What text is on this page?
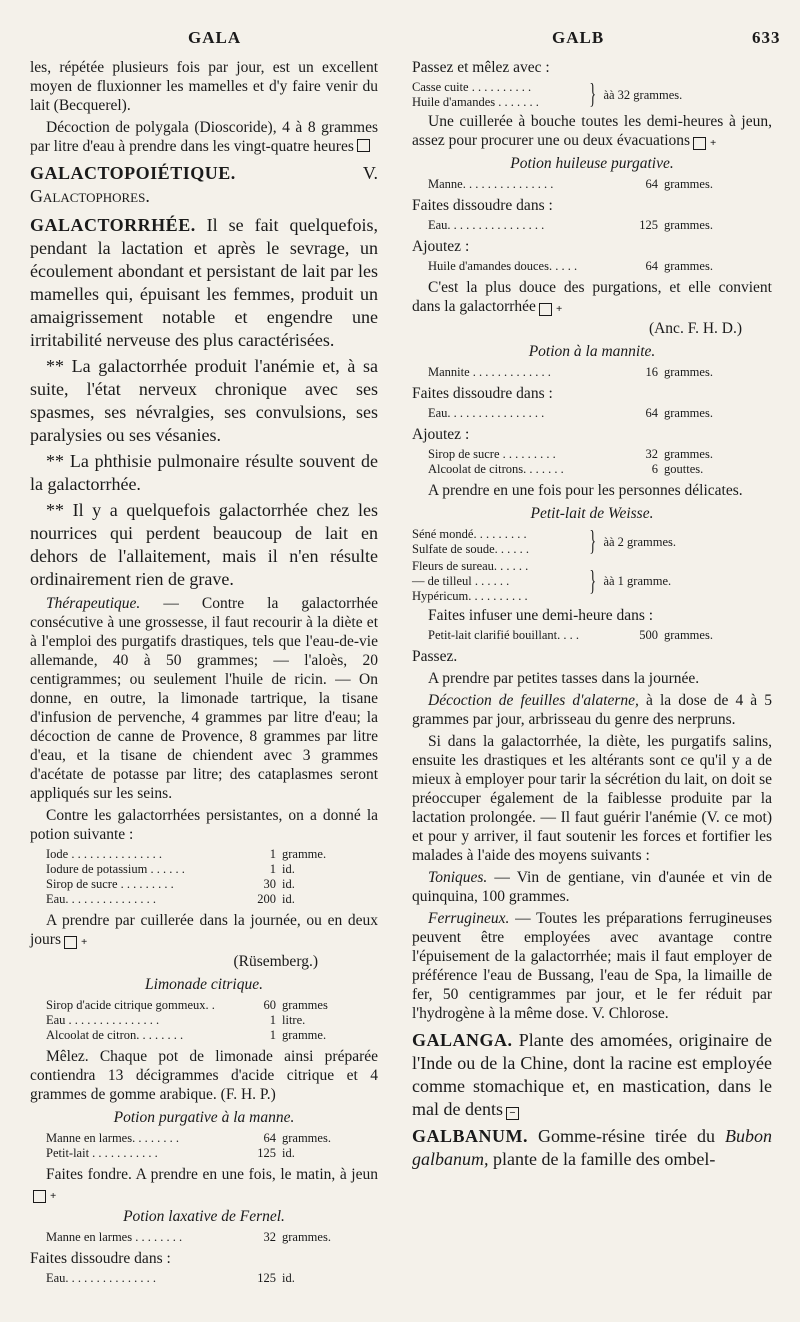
GALA	GALB	633

les, répétée plusieurs fois par jour, est un excellent moyen de fluxionner les mamelles et d'y faire venir du lait (Becquerel).

Décoction de polygala (Dioscoride), 4 à 8 grammes par litre d'eau à prendre dans les vingt-quatre heures

GALACTOPOIÉTIQUE.	V. Galactophores.

GALACTORRHÉE. Il se fait quelquefois, pendant la lactation et après le sevrage, un écoulement abondant et persistant de lait par les mamelles qui, épuisant les femmes, produit un amaigrissement notable et engendre une irritabilité nerveuse des plus caractérisées.

** La galactorrhée produit l'anémie et, à sa suite, l'état nerveux chronique avec ses spasmes, ses névralgies, ses convulsions, ses paralysies ou ses vésanies.

** La phthisie pulmonaire résulte souvent de la galactorrhée.

** Il y a quelquefois galactorrhée chez les nourrices qui perdent beaucoup de lait en dehors de l'allaitement, mais il n'en résulte ordinairement rien de grave.

Thérapeutique. — Contre la galactorrhée consécutive à une grossesse, il faut recourir à la diète et à l'emploi des purgatifs drastiques, tels que l'eau-de-vie allemande, 40 à 50 grammes; — l'aloès, 20 centigrammes; ou seulement l'huile de ricin. — On donne, en outre, la limonade tartrique, la tisane d'infusion de pervenche, 4 grammes par litre d'eau; la décoction de canne de Provence, 8 grammes par litre d'eau, et la tisane de chiendent avec 3 grammes d'acétate de potasse par litre; des cataplasmes seront appliqués sur les seins.

Contre les galactorrhées persistantes, on a donné la potion suivante :

Iode . . . . . . . . . . . . . . .	1 gramme.
Iodure de potassium . . . . . .	1 id.
Sirop de sucre . . . . . . . . .	30 id.
Eau. . . . . . . . . . . . . . .	200 id.

A prendre par cuillerée dans la journée, ou en deux jours +

(Rüsemberg.)

Limonade citrique.

Sirop d'acide citrique gommeux. .	60 grammes
Eau . . . . . . . . . . . . . . .	1 litre.
Alcoolat de citron. . . . . . . .	1 gramme.

Mêlez. Chaque pot de limonade ainsi préparée contiendra 13 décigrammes d'acide citrique et 4 grammes de gomme arabique. (F. H. P.)

Potion purgative à la manne.

Manne en larmes. . . . . . . .	64 grammes.
Petit-lait . . . . . . . . . . .	125 id.

Faites fondre. A prendre en une fois, le matin, à jeun+

Potion laxative de Fernel.

Manne en larmes . . . . . . . .	32 grammes.

Faites dissoudre dans :

Eau. . . . . . . . . . . . . . .	125 id.

Passez et mêlez avec :

Casse cuite . . . . . . . . . .
Huile d'amandes . . . . . . .	} àà 32 grammes.

Une cuillerée à bouche toutes les demi-heures à jeun, assez pour procurer une ou deux évacuations +

Potion huileuse purgative.

Manne. . . . . . . . . . . . . . .	64 grammes.

Faites dissoudre dans :

Eau. . . . . . . . . . . . . . . .	125 grammes.

Ajoutez :

Huile d'amandes douces. . . . .	64 grammes.

C'est la plus douce des purgations, et elle convient dans la galactorrhée +

(Anc. F. H. D.)

Potion à la mannite.

Mannite . . . . . . . . . . . . .	16 grammes.

Faites dissoudre dans :

Eau. . . . . . . . . . . . . . . .	64 grammes.

Ajoutez :

Sirop de sucre . . . . . . . . .	32 grammes.
Alcoolat de citrons. . . . . . .	6 gouttes.

A prendre en une fois pour les personnes délicates.

Petit-lait de Weisse.

Séné mondé. . . . . . . . .
Sulfate de soude. . . . . .	} àà 2 grammes.
Fleurs de sureau. . . . . .
— de tilleul . . . . . .
Hypéricum. . . . . . . . . .	} àà 1 gramme.

Faites infuser une demi-heure dans :

Petit-lait clarifié bouillant. . . .	500 grammes.

Passez.

A prendre par petites tasses dans la journée.

Décoction de feuilles d'alaterne, à la dose de 4 à 5 grammes par jour, arbrisseau du genre des nerpruns.

Si dans la galactorrhée, la diète, les purgatifs salins, ensuite les drastiques et les altérants sont ce qu'il y a de mieux à employer pour tarir la sécrétion du lait, on doit se préoccuper également de la faiblesse produite par la lactation prolongée. — Il faut guérir l'anémie (V. ce mot) et pour y arriver, il faut soutenir les forces et fortifier les malades à l'aide des moyens suivants :

Toniques. — Vin de gentiane, vin d'aunée et vin de quinquina, 100 grammes.

Ferrugineux. — Toutes les préparations ferrugineuses peuvent être employées avec avantage contre l'épuisement de la galactorrhée; mais il faut employer de préférence l'eau de Bussang, l'eau de Spa, la limaille de fer, 50 centigrammes par jour, et le fer réduit par l'hydrogène à la même dose. V. Chlorose.

GALANGA. Plante des amomées, originaire de l'Inde ou de la Chine, dont la racine est employée comme stomachique et, en mastication, dans le mal de dents −

GALBANUM. Gomme-résine tirée du Bubon galbanum, plante de la famille des ombel-
